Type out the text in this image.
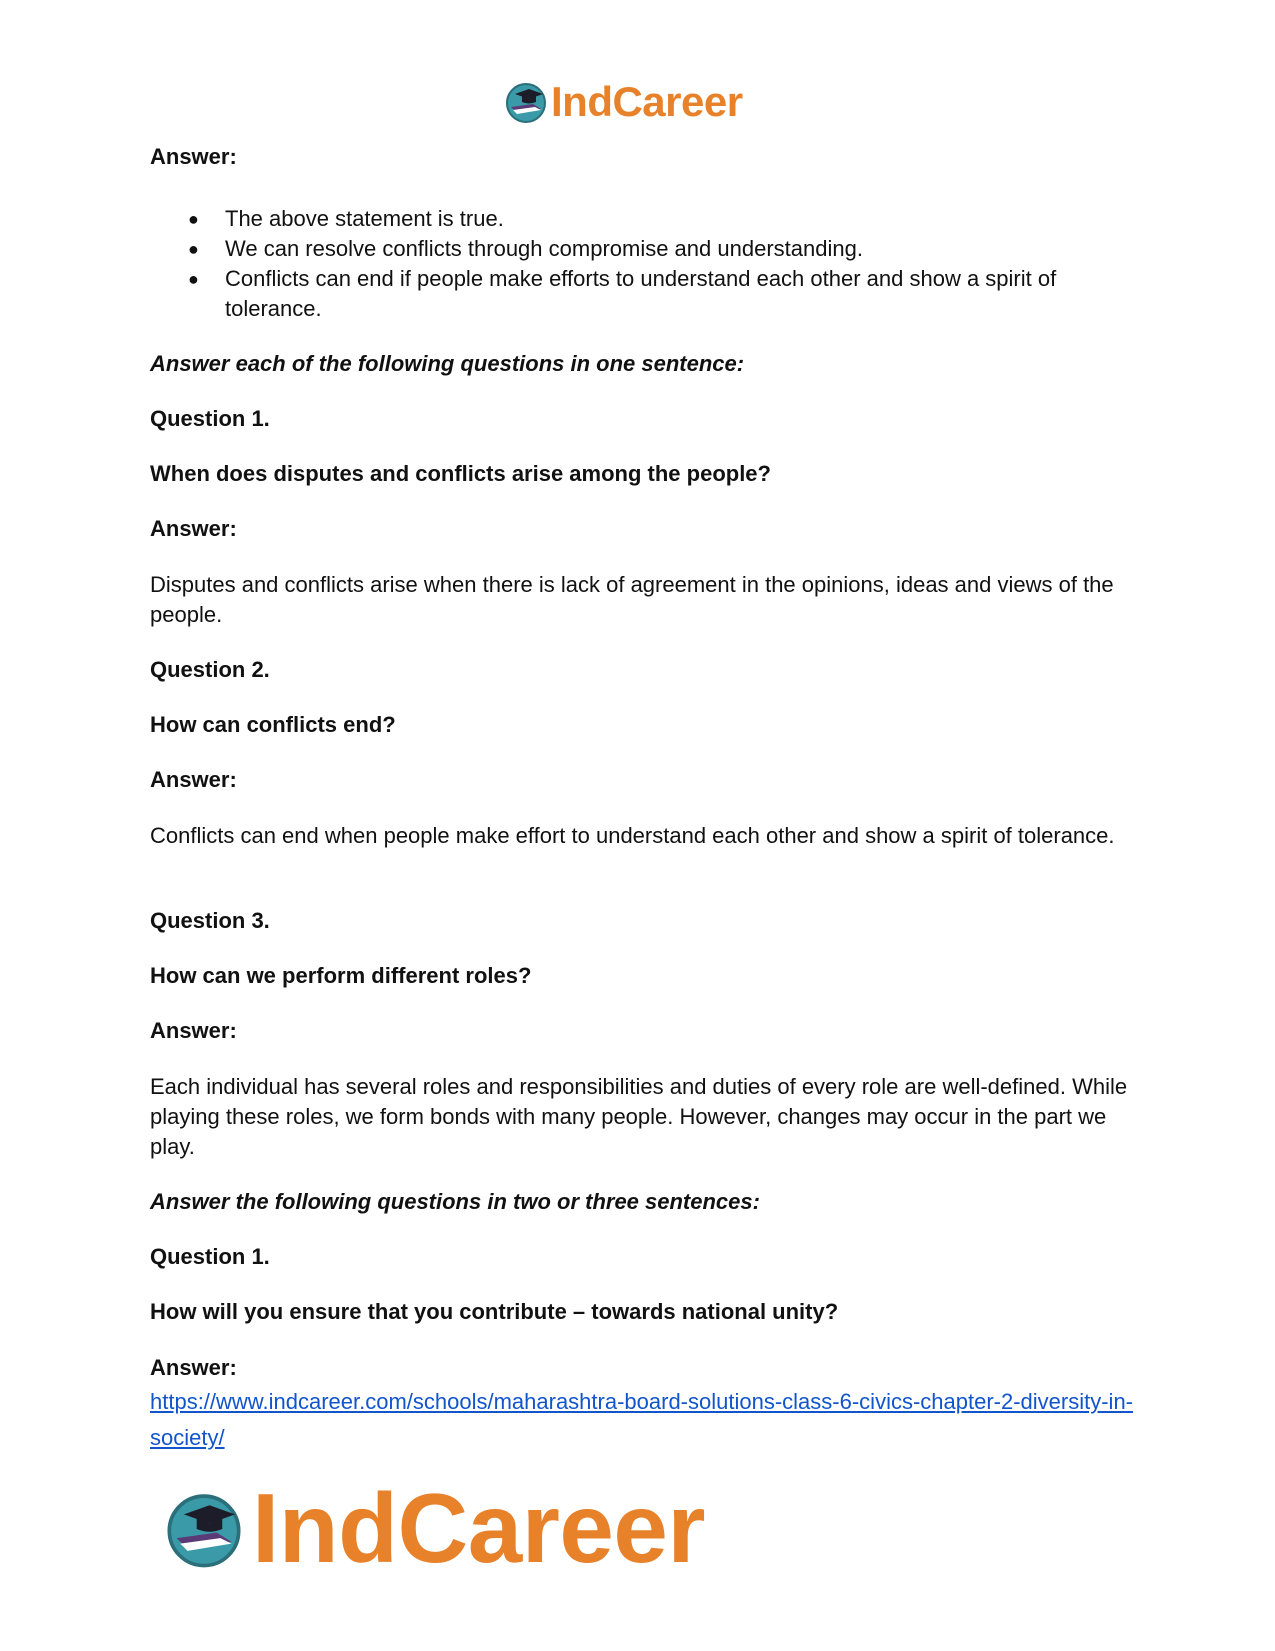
IndCareer

Answer:

● The above statement is true.
● We can resolve conflicts through compromise and understanding.
● Conflicts can end if people make efforts to understand each other and show a spirit of tolerance.

Answer each of the following questions in one sentence:

Question 1.

When does disputes and conflicts arise among the people?

Answer:

Disputes and conflicts arise when there is lack of agreement in the opinions, ideas and views of the people.

Question 2.

How can conflicts end?

Answer:

Conflicts can end when people make effort to understand each other and show a spirit of tolerance.

Question 3.

How can we perform different roles?

Answer:

Each individual has several roles and responsibilities and duties of every role are well-defined. While playing these roles, we form bonds with many people. However, changes may occur in the part we play.

Answer the following questions in two or three sentences:

Question 1.

How will you ensure that you contribute – towards national unity?

Answer:

https://www.indcareer.com/schools/maharashtra-board-solutions-class-6-civics-chapter-2-diversity-in-society/
IndCareer
